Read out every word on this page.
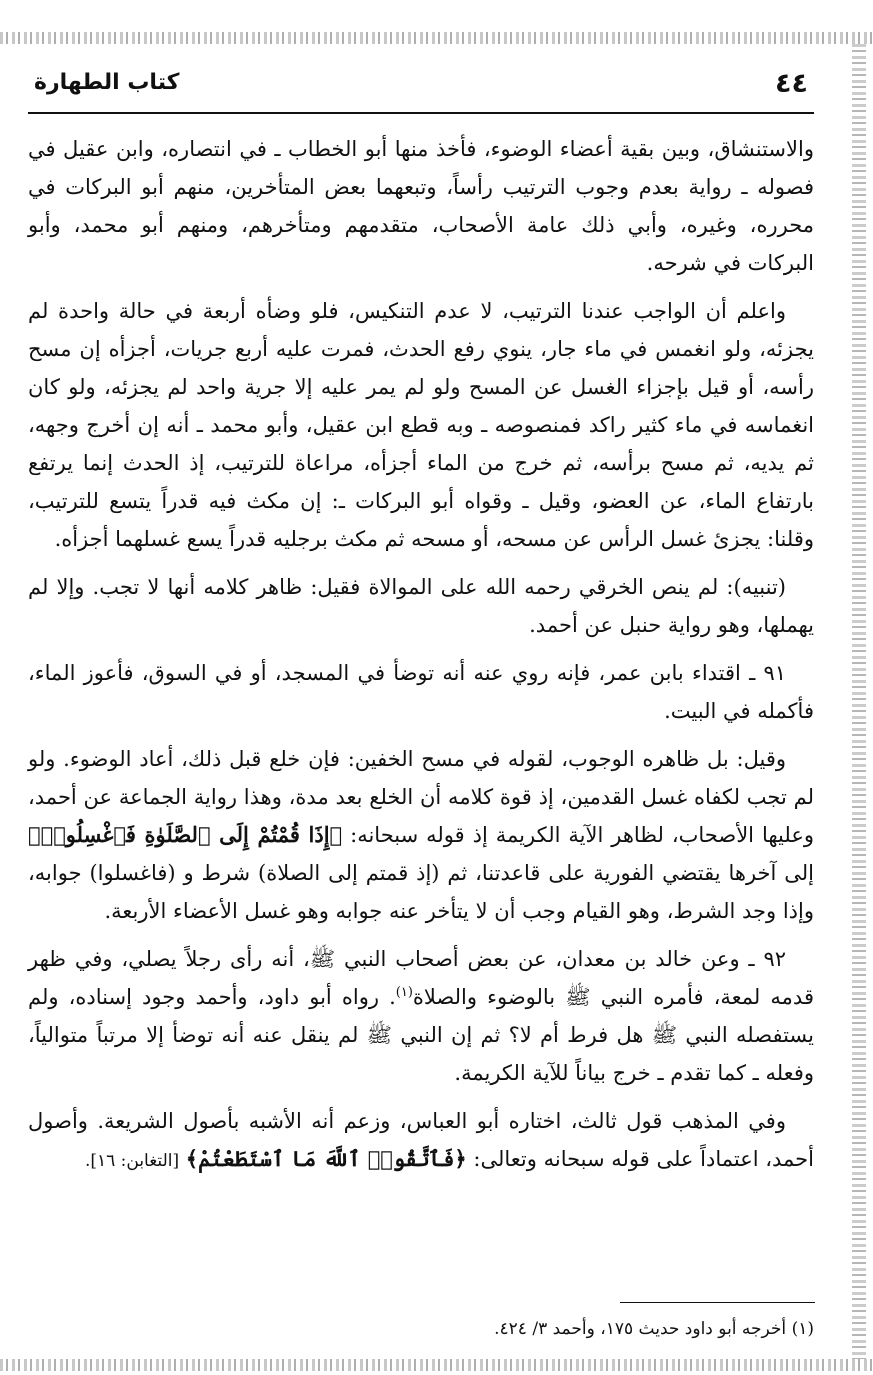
٤٤
كتاب الطهارة

والاستنشاق، وبين بقية أعضاء الوضوء، فأخذ منها أبو الخطاب ـ في انتصاره، وابن عقيل في فصوله ـ رواية بعدم وجوب الترتيب رأساً، وتبعهما بعض المتأخرين، منهم أبو البركات في محرره، وغيره، وأبي ذلك عامة الأصحاب، متقدمهم ومتأخرهم، ومنهم أبو محمد، وأبو البركات في شرحه.

واعلم أن الواجب عندنا الترتيب، لا عدم التنكيس، فلو وضأه أربعة في حالة واحدة لم يجزئه، ولو انغمس في ماء جار، ينوي رفع الحدث، فمرت عليه أربع جريات، أجزأه إن مسح رأسه، أو قيل بإجزاء الغسل عن المسح ولو لم يمر عليه إلا جرية واحد لم يجزئه، ولو كان انغماسه في ماء كثير راكد فمنصوصه ـ وبه قطع ابن عقيل، وأبو محمد ـ أنه إن أخرج وجهه، ثم يديه، ثم مسح برأسه، ثم خرج من الماء أجزأه، مراعاة للترتيب، إذ الحدث إنما يرتفع بارتفاع الماء، عن العضو، وقيل ـ وقواه أبو البركات ـ: إن مكث فيه قدراً يتسع للترتيب، وقلنا: يجزئ غسل الرأس عن مسحه، أو مسحه ثم مكث برجليه قدراً يسع غسلهما أجزأه.

(تنبيه): لم ينص الخرقي رحمه الله على الموالاة فقيل: ظاهر كلامه أنها لا تجب. وإلا لم يهملها، وهو رواية حنبل عن أحمد.

٩١ ـ اقتداء بابن عمر، فإنه روي عنه أنه توضأ في المسجد، أو في السوق، فأعوز الماء، فأكمله في البيت.

وقيل: بل ظاهره الوجوب، لقوله في مسح الخفين: فإن خلع قبل ذلك، أعاد الوضوء. ولو لم تجب لكفاه غسل القدمين، إذ قوة كلامه أن الخلع بعد مدة، وهذا رواية الجماعة عن أحمد، وعليها الأصحاب، لظاهر الآية الكريمة إذ قوله سبحانه: ﴿إِذَا قُمْتُمْ إِلَى ٱلصَّلَوٰةِ فَٱغْسِلُوا۟﴾ إلى آخرها يقتضي الفورية على قاعدتنا، ثم (إذ قمتم إلى الصلاة) شرط و (فاغسلوا) جوابه، وإذا وجد الشرط، وهو القيام وجب أن لا يتأخر عنه جوابه وهو غسل الأعضاء الأربعة.

٩٢ ـ وعن خالد بن معدان، عن بعض أصحاب النبي ﷺ، أنه رأى رجلاً يصلي، وفي ظهر قدمه لمعة، فأمره النبي ﷺ بالوضوء والصلاة$^{(١)}$. رواه أبو داود، وأحمد وجود إسناده، ولم يستفصله النبي ﷺ هل فرط أم لا؟ ثم إن النبي ﷺ لم ينقل عنه أنه توضأ إلا مرتباً متوالياً، وفعله ـ كما تقدم ـ خرج بياناً للآية الكريمة.

وفي المذهب قول ثالث، اختاره أبو العباس، وزعم أنه الأشبه بأصول الشريعة. وأصول أحمد، اعتماداً على قوله سبحانه وتعالى: ﴿فَٱتَّقُوا۟ ٱللَّهَ مَا ٱسْتَطَعْتُمْ﴾ [التغابن: ١٦].

(١) أخرجه أبو داود حديث ١٧٥، وأحمد ٣/ ٤٢٤.
